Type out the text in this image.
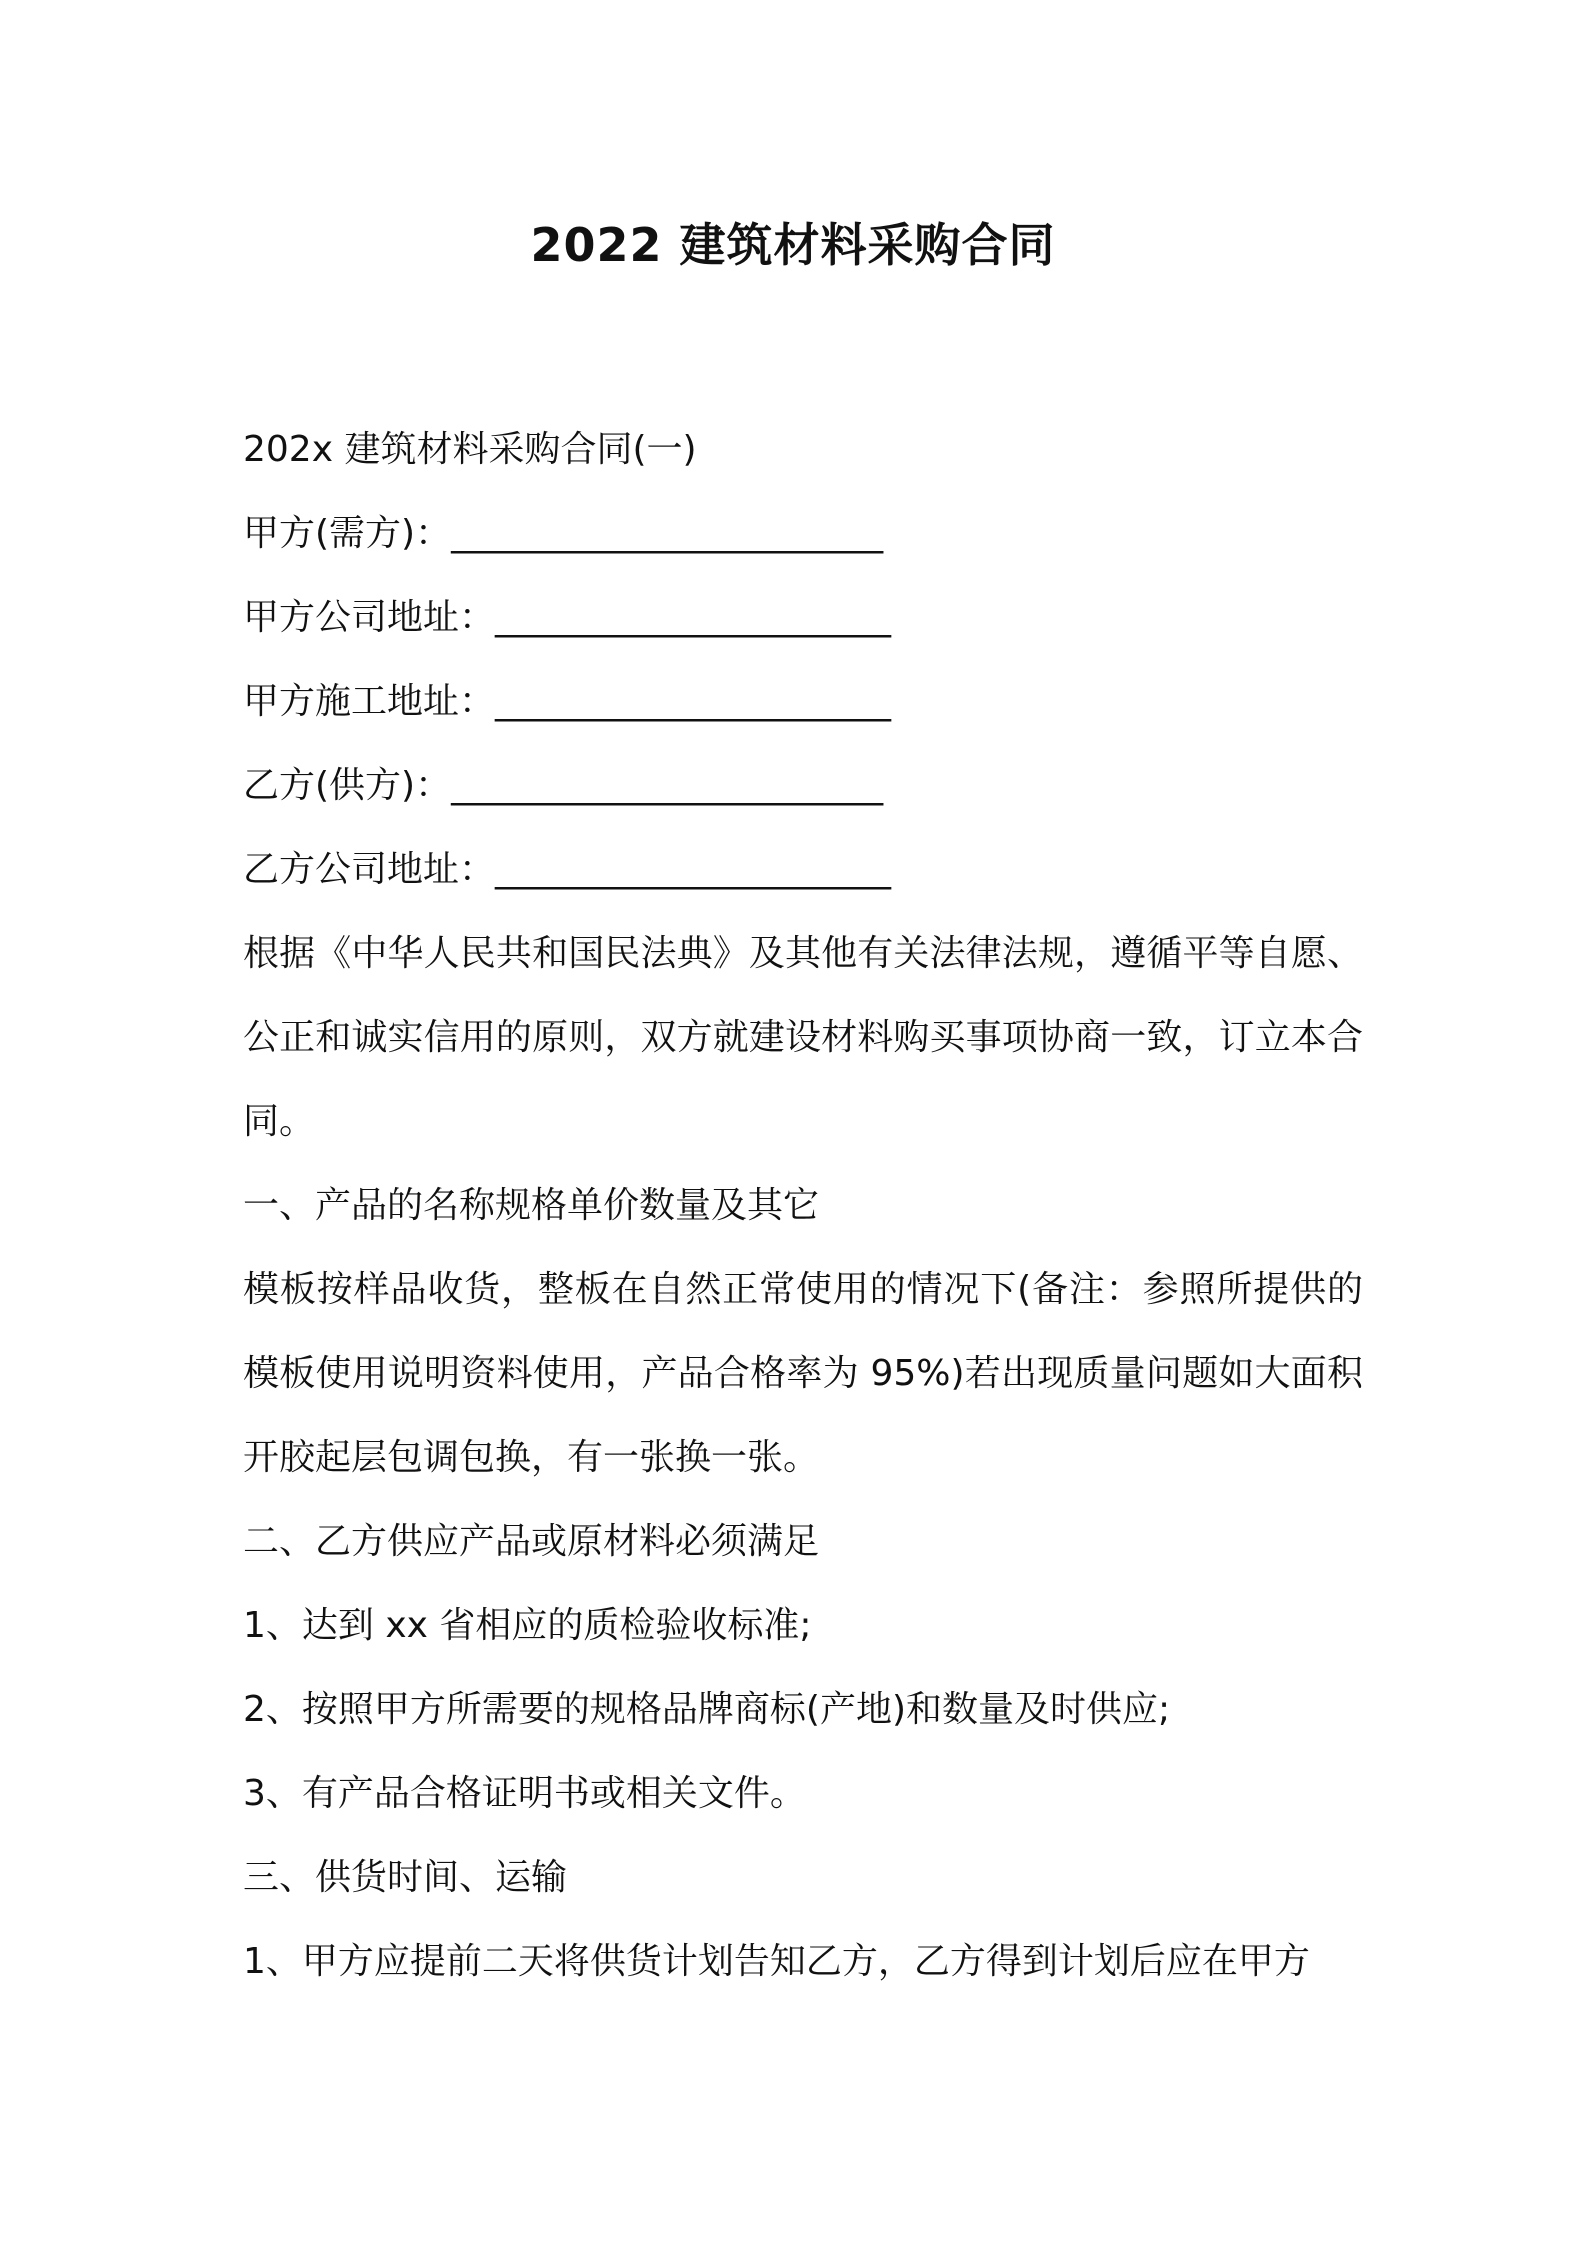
2022 建筑材料采购合同
202x 建筑材料采购合同(一)
甲方(需方)：________________________
甲方公司地址：______________________
甲方施工地址：______________________
乙方(供方)：________________________
乙方公司地址：______________________

根据《中华人民共和国民法典》及其他有关法律法规，遵循平等自愿、公正和诚实信用的原则，双方就建设材料购买事项协商一致，订立本合同。

一、产品的名称规格单价数量及其它

模板按样品收货，整板在自然正常使用的情况下(备注：参照所提供的模板使用说明资料使用，产品合格率为 95%)若出现质量问题如大面积开胶起层包调包换，有一张换一张。

二、乙方供应产品或原材料必须满足
1、达到 xx 省相应的质检验收标准;
2、按照甲方所需要的规格品牌商标(产地)和数量及时供应;
3、有产品合格证明书或相关文件。
三、供货时间、运输
1、甲方应提前二天将供货计划告知乙方，乙方得到计划后应在甲方
